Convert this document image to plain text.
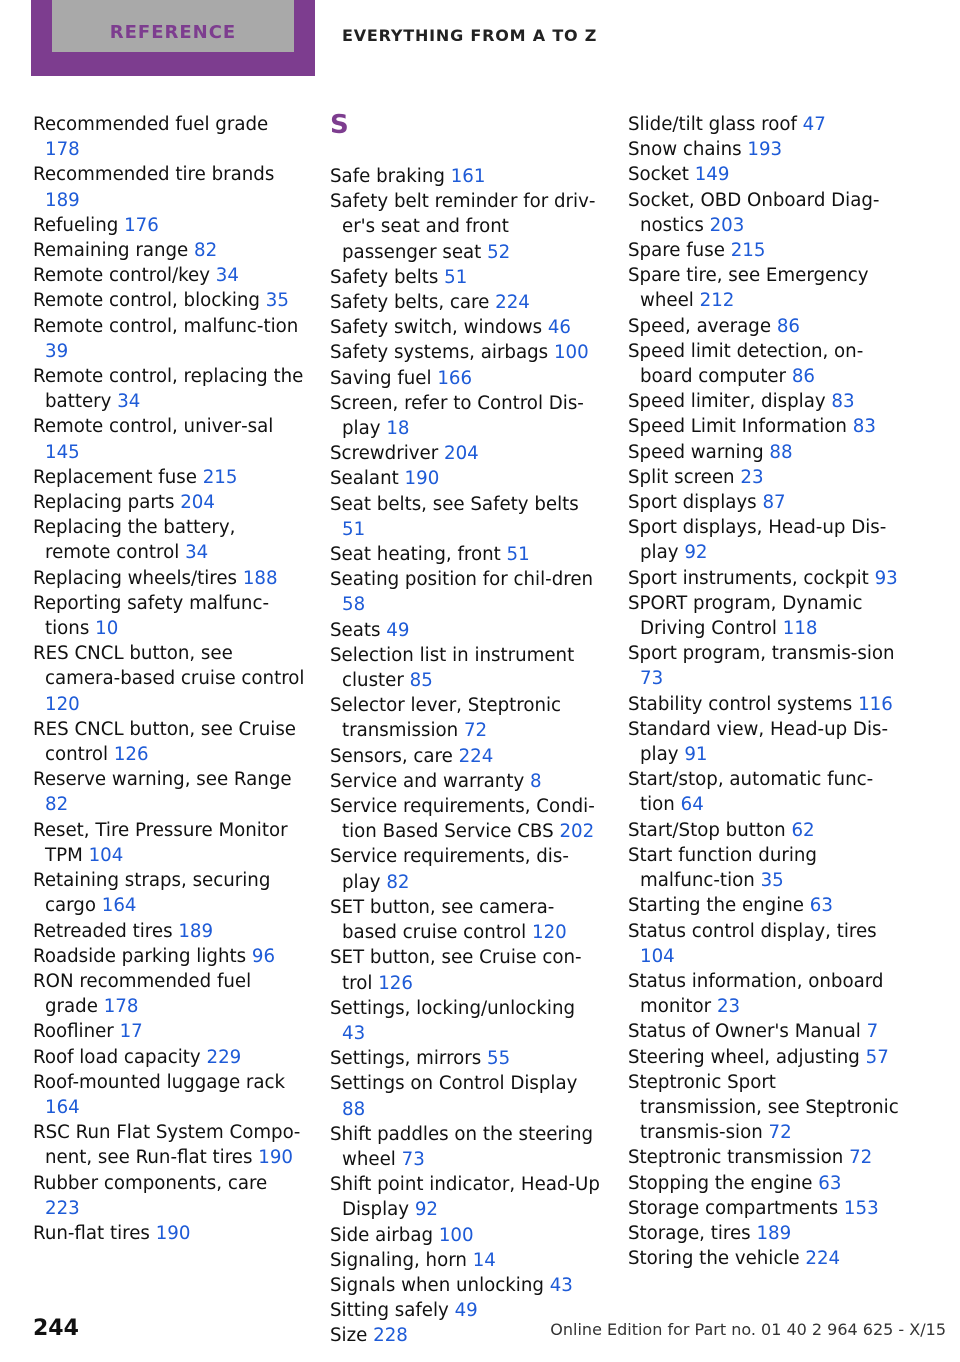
REFERENCE	EVERYTHING FROM A TO Z
Recommended fuel grade 178
Recommended tire brands 189
Refueling 176
Remaining range 82
Remote control/key 34
Remote control, blocking 35
Remote control, malfunc‐tion 39
Remote control, replacing the battery 34
Remote control, univer‐sal 145
Replacement fuse 215
Replacing parts 204
Replacing the battery, remote control 34
Replacing wheels/tires 188
Reporting safety malfunc‐tions 10
RES CNCL button, see camera-based cruise control 120
RES CNCL button, see Cruise control 126
Reserve warning, see Range 82
Reset, Tire Pressure Monitor TPM 104
Retaining straps, securing cargo 164
Retreaded tires 189
Roadside parking lights 96
RON recommended fuel grade 178
Roofliner 17
Roof load capacity 229
Roof-mounted luggage rack 164
RSC Run Flat System Compo‐nent, see Run-flat tires 190
Rubber components, care 223
Run-flat tires 190
S
Safe braking 161
Safety belt reminder for driv‐er's seat and front passenger seat 52
Safety belts 51
Safety belts, care 224
Safety switch, windows 46
Safety systems, airbags 100
Saving fuel 166
Screen, refer to Control Dis‐play 18
Screwdriver 204
Sealant 190
Seat belts, see Safety belts 51
Seat heating, front 51
Seating position for chil‐dren 58
Seats 49
Selection list in instrument cluster 85
Selector lever, Steptronic transmission 72
Sensors, care 224
Service and warranty 8
Service requirements, Condi‐tion Based Service CBS 202
Service requirements, dis‐play 82
SET button, see camera-based cruise control 120
SET button, see Cruise con‐trol 126
Settings, locking/unlocking 43
Settings, mirrors 55
Settings on Control Display 88
Shift paddles on the steering wheel 73
Shift point indicator, Head-Up Display 92
Side airbag 100
Signaling, horn 14
Signals when unlocking 43
Sitting safely 49
Size 228
Slide/tilt glass roof 47
Snow chains 193
Socket 149
Socket, OBD Onboard Diag‐nostics 203
Spare fuse 215
Spare tire, see Emergency wheel 212
Speed, average 86
Speed limit detection, on‐board computer 86
Speed limiter, display 83
Speed Limit Information 83
Speed warning 88
Split screen 23
Sport displays 87
Sport displays, Head-up Dis‐play 92
Sport instruments, cockpit 93
SPORT program, Dynamic Driving Control 118
Sport program, transmis‐sion 73
Stability control systems 116
Standard view, Head-up Dis‐play 91
Start/stop, automatic func‐tion 64
Start/Stop button 62
Start function during malfunc‐tion 35
Starting the engine 63
Status control display, tires 104
Status information, onboard monitor 23
Status of Owner's Manual 7
Steering wheel, adjusting 57
Steptronic Sport transmission, see Steptronic transmis‐sion 72
Steptronic transmission 72
Stopping the engine 63
Storage compartments 153
Storage, tires 189
Storing the vehicle 224
244	Online Edition for Part no. 01 40 2 964 625 - X/15
